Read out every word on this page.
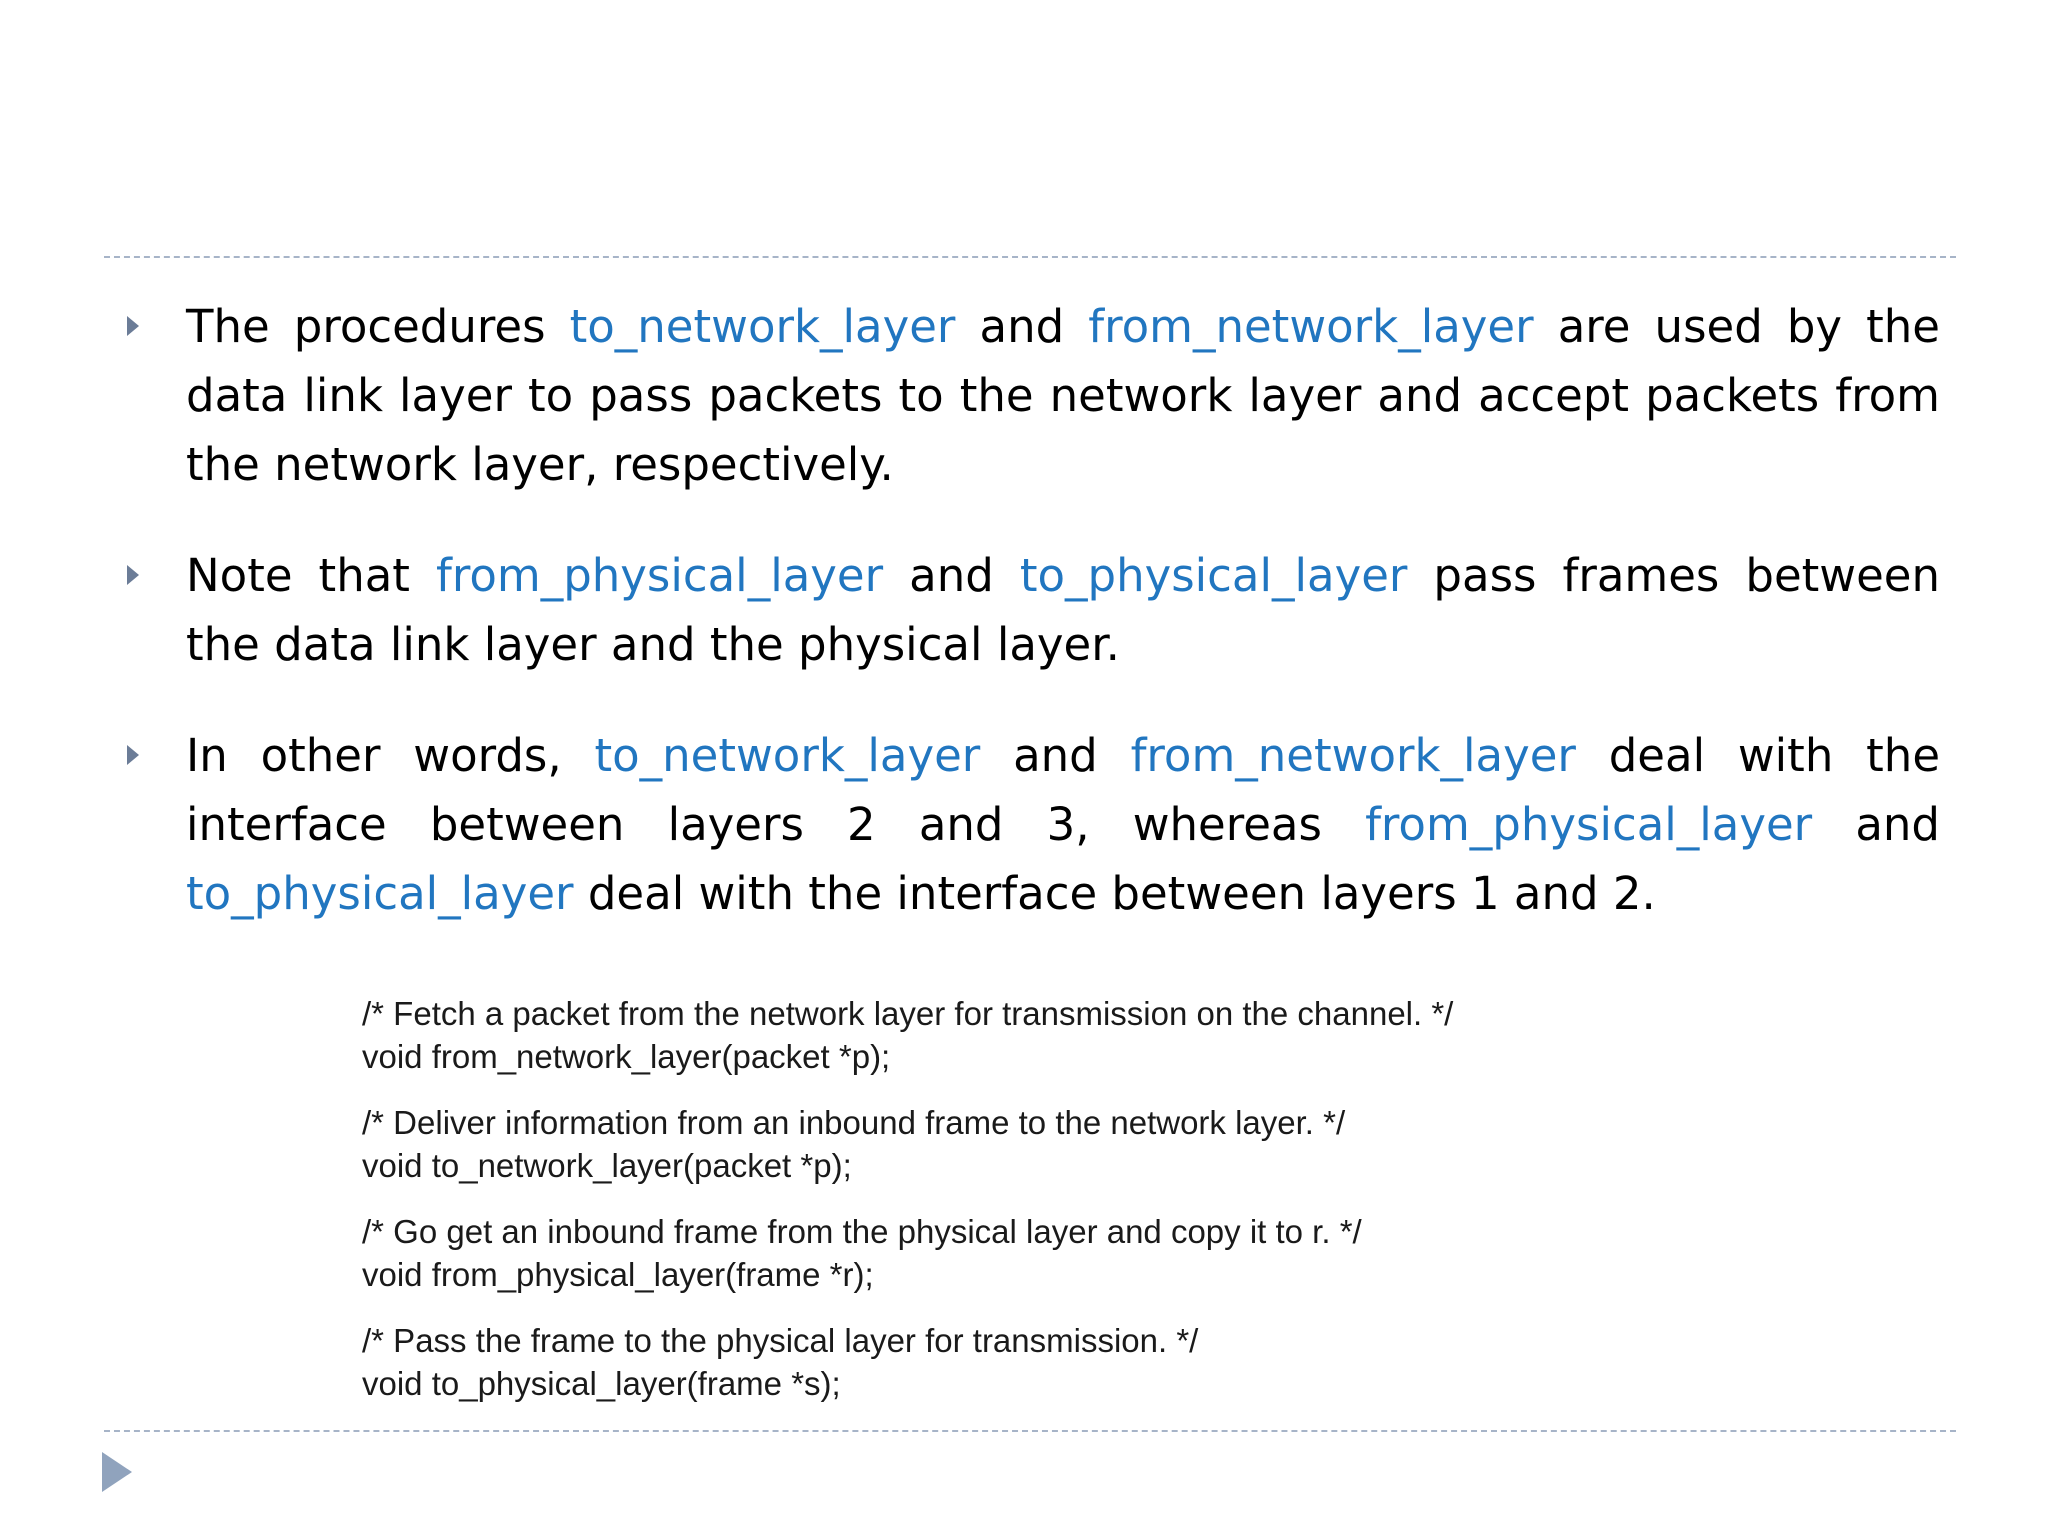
The procedures to_network_layer and from_network_layer are used by the data link layer to pass packets to the network layer and accept packets from the network layer, respectively.
Note that from_physical_layer and to_physical_layer pass frames between the data link layer and the physical layer.
In other words, to_network_layer and from_network_layer deal with the interface between layers 2 and 3, whereas from_physical_layer and to_physical_layer deal with the interface between layers 1 and 2.
/* Fetch a packet from the network layer for transmission on the channel. */
void from_network_layer(packet *p);
/* Deliver information from an inbound frame to the network layer. */
void to_network_layer(packet *p);
/* Go get an inbound frame from the physical layer and copy it to r. */
void from_physical_layer(frame *r);
/* Pass the frame to the physical layer for transmission. */
void to_physical_layer(frame *s);
